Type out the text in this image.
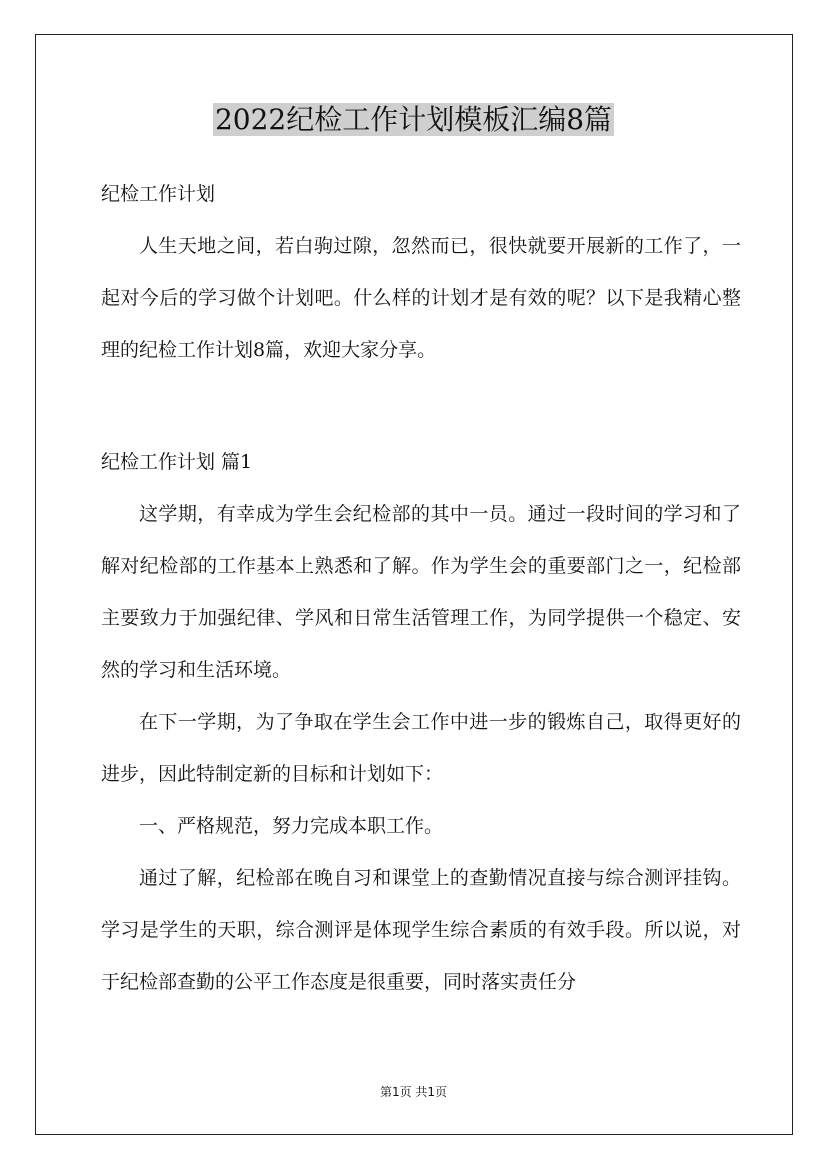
2022纪检工作计划模板汇编8篇

纪检工作计划

人生天地之间，若白驹过隙，忽然而已，很快就要开展新的工作了，一起对今后的学习做个计划吧。什么样的计划才是有效的呢？以下是我精心整理的纪检工作计划8篇，欢迎大家分享。

纪检工作计划 篇1

这学期，有幸成为学生会纪检部的其中一员。通过一段时间的学习和了解对纪检部的工作基本上熟悉和了解。作为学生会的重要部门之一，纪检部主要致力于加强纪律、学风和日常生活管理工作，为同学提供一个稳定、安然的学习和生活环境。

在下一学期，为了争取在学生会工作中进一步的锻炼自己，取得更好的进步，因此特制定新的目标和计划如下：

一、严格规范，努力完成本职工作。

通过了解，纪检部在晚自习和课堂上的查勤情况直接与综合测评挂钩。学习是学生的天职，综合测评是体现学生综合素质的有效手段。所以说，对于纪检部查勤的公平工作态度是很重要，同时落实责任分

第1页 共1页
